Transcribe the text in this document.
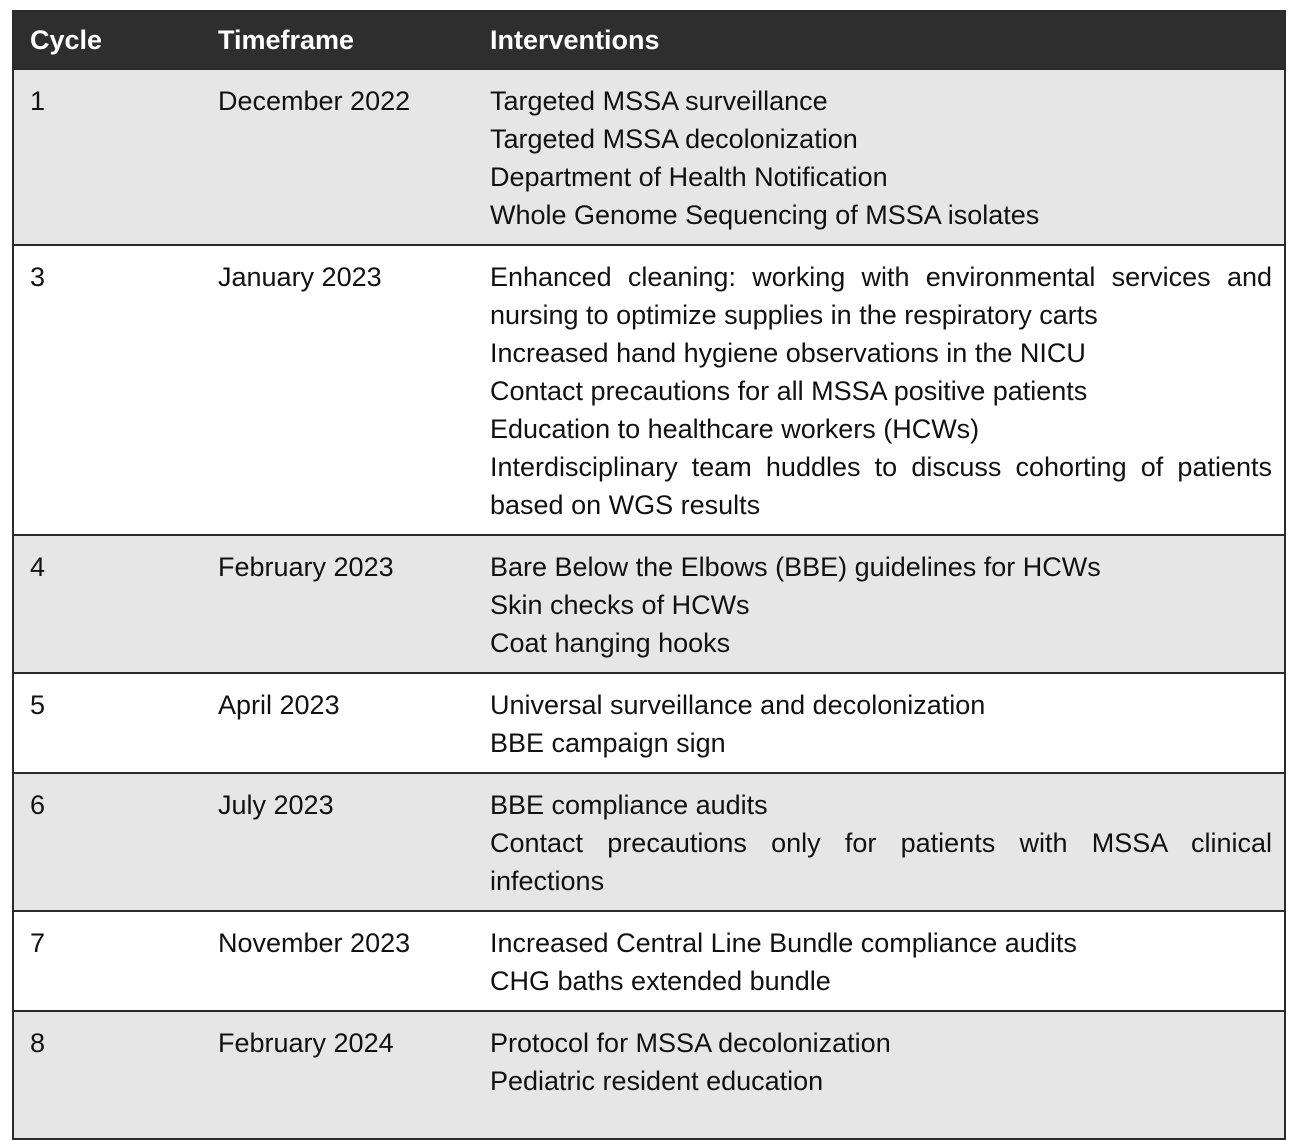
Cycle	Timeframe	Interventions
1	December 2022	Targeted MSSA surveillance
Targeted MSSA decolonization
Department of Health Notification
Whole Genome Sequencing of MSSA isolates
3	January 2023	Enhanced cleaning: working with environmental services and nursing to optimize supplies in the respiratory carts
Increased hand hygiene observations in the NICU
Contact precautions for all MSSA positive patients
Education to healthcare workers (HCWs)
Interdisciplinary team huddles to discuss cohorting of patients based on WGS results
4	February 2023	Bare Below the Elbows (BBE) guidelines for HCWs
Skin checks of HCWs
Coat hanging hooks
5	April 2023	Universal surveillance and decolonization
BBE campaign sign
6	July 2023	BBE compliance audits
Contact precautions only for patients with MSSA clinical infections
7	November 2023	Increased Central Line Bundle compliance audits
CHG baths extended bundle
8	February 2024	Protocol for MSSA decolonization
Pediatric resident education
